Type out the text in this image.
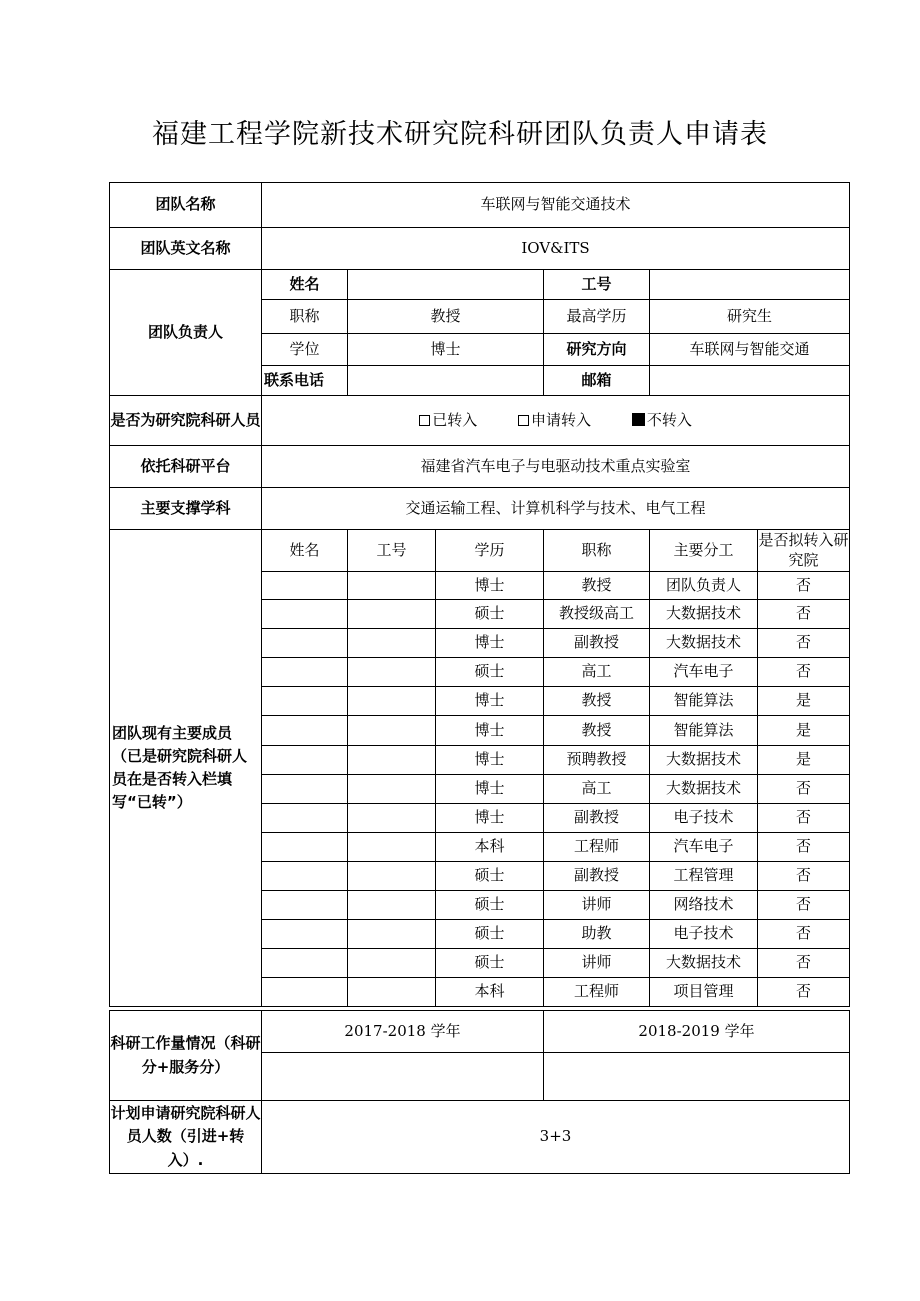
福建工程学院新技术研究院科研团队负责人申请表
团队名称	车联网与智能交通技术					
团队英文名称	IOV&ITS					
团队负责人	姓名			工号		
	职称	教授		最高学历	研究生	
	学位	博士		研究方向	车联网与智能交通	
	联系电话			邮箱		
是否为研究院科研人员	已转入 申请转入 不转入					
依托科研平台	福建省汽车电子与电驱动技术重点实验室					
主要支撑学科	交通运输工程、计算机科学与技术、电气工程					
团队现有主要成员（已是研究院科研人员在是否转入栏填写“已转”）	姓名	工号	学历	职称	主要分工	是否拟转入研究院
			博士	教授	团队负责人	否
			硕士	教授级高工	大数据技术	否
			博士	副教授	大数据技术	否
			硕士	高工	汽车电子	否
			博士	教授	智能算法	是
			博士	教授	智能算法	是
			博士	预聘教授	大数据技术	是
			博士	高工	大数据技术	否
			博士	副教授	电子技术	否
			本科	工程师	汽车电子	否
			硕士	副教授	工程管理	否
			硕士	讲师	网络技术	否
			硕士	助教	电子技术	否
			硕士	讲师	大数据技术	否
			本科	工程师	项目管理	否
科研工作量情况（科研分+服务分）	2017-2018 学年	2018-2019 学年

计划申请研究院科研人员人数（引进+转入）.	3+3	
